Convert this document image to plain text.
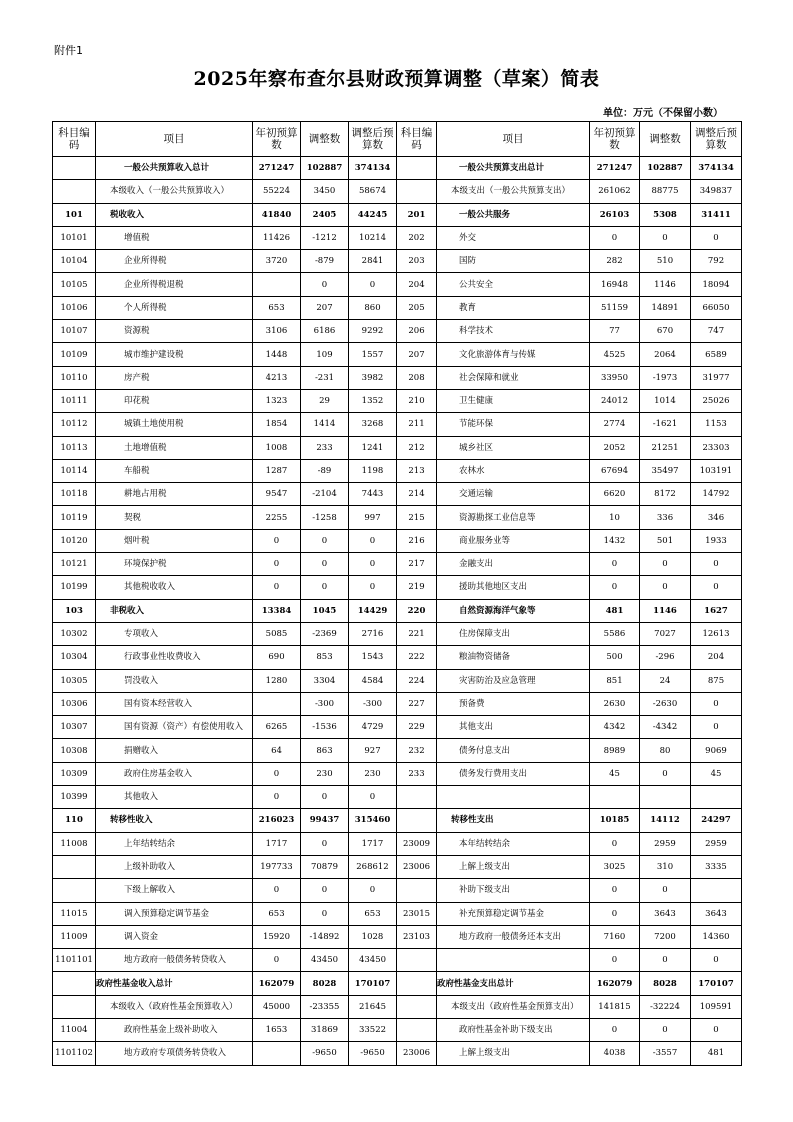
附件1
2025年察布查尔县财政预算调整（草案）简表
单位：万元（不保留小数）
科目编码	项目	年初预算数	调整数	调整后预算数	科目编码	项目	年初预算数	调整数	调整后预算数
	一般公共预算收入总计	271247	102887	374134		一般公共预算支出总计	271247	102887	374134
	本级收入（一般公共预算收入）	55224	3450	58674		本级支出（一般公共预算支出）	261062	88775	349837
101	税收收入	41840	2405	44245	201	一般公共服务	26103	5308	31411
10101	增值税	11426	-1212	10214	202	外交	0	0	0
10104	企业所得税	3720	-879	2841	203	国防	282	510	792
10105	企业所得税退税		0	0	204	公共安全	16948	1146	18094
10106	个人所得税	653	207	860	205	教育	51159	14891	66050
10107	资源税	3106	6186	9292	206	科学技术	77	670	747
10109	城市维护建设税	1448	109	1557	207	文化旅游体育与传媒	4525	2064	6589
10110	房产税	4213	-231	3982	208	社会保障和就业	33950	-1973	31977
10111	印花税	1323	29	1352	210	卫生健康	24012	1014	25026
10112	城镇土地使用税	1854	1414	3268	211	节能环保	2774	-1621	1153
10113	土地增值税	1008	233	1241	212	城乡社区	2052	21251	23303
10114	车船税	1287	-89	1198	213	农林水	67694	35497	103191
10118	耕地占用税	9547	-2104	7443	214	交通运输	6620	8172	14792
10119	契税	2255	-1258	997	215	资源勘探工业信息等	10	336	346
10120	烟叶税	0	0	0	216	商业服务业等	1432	501	1933
10121	环境保护税	0	0	0	217	金融支出	0	0	0
10199	其他税收收入	0	0	0	219	援助其他地区支出	0	0	0
103	非税收入	13384	1045	14429	220	自然资源海洋气象等	481	1146	1627
10302	专项收入	5085	-2369	2716	221	住房保障支出	5586	7027	12613
10304	行政事业性收费收入	690	853	1543	222	粮油物资储备	500	-296	204
10305	罚没收入	1280	3304	4584	224	灾害防治及应急管理	851	24	875
10306	国有资本经营收入		-300	-300	227	预备费	2630	-2630	0
10307	国有资源（资产）有偿使用收入	6265	-1536	4729	229	其他支出	4342	-4342	0
10308	捐赠收入	64	863	927	232	债务付息支出	8989	80	9069
10309	政府住房基金收入	0	230	230	233	债务发行费用支出	45	0	45
10399	其他收入	0	0	0					
110	转移性收入	216023	99437	315460		转移性支出	10185	14112	24297
11008	上年结转结余	1717	0	1717	23009	本年结转结余	0	2959	2959
	上级补助收入	197733	70879	268612	23006	上解上级支出	3025	310	3335
	下级上解收入	0	0	0		补助下级支出	0	0	
11015	调入预算稳定调节基金	653	0	653	23015	补充预算稳定调节基金	0	3643	3643
11009	调入资金	15920	-14892	1028	23103	地方政府一般债务还本支出	7160	7200	14360
1101101	地方政府一般债务转贷收入	0	43450	43450			0	0	0
	政府性基金收入总计	162079	8028	170107		政府性基金支出总计	162079	8028	170107
	本级收入（政府性基金预算收入）	45000	-23355	21645		本级支出（政府性基金预算支出）	141815	-32224	109591
11004	政府性基金上级补助收入	1653	31869	33522		政府性基金补助下级支出	0	0	0
1101102	地方政府专项债务转贷收入		-9650	-9650	23006	上解上级支出	4038	-3557	481
